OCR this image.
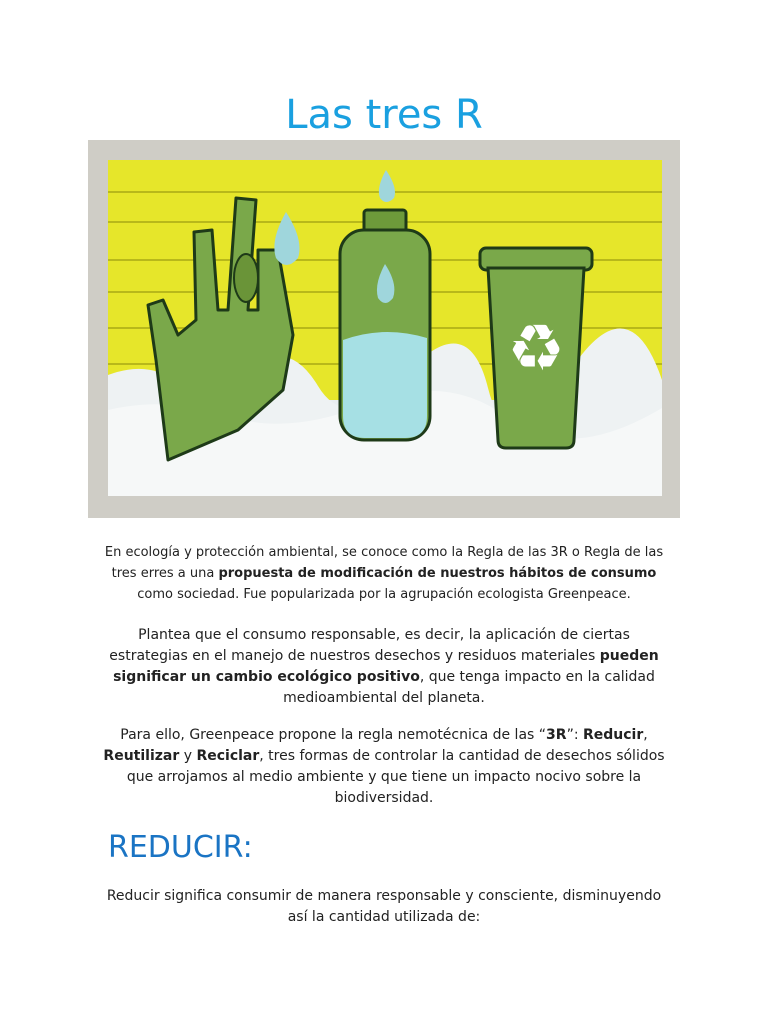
Las tres R
♻

En ecología y protección ambiental, se conoce como la Regla de las 3R o Regla de las tres erres a una propuesta de modificación de nuestros hábitos de consumo como sociedad. Fue popularizada por la agrupación ecologista Greenpeace.

Plantea que el consumo responsable, es decir, la aplicación de ciertas estrategias en el manejo de nuestros desechos y residuos materiales pueden significar un cambio ecológico positivo, que tenga impacto en la calidad medioambiental del planeta.

Para ello, Greenpeace propone la regla nemotécnica de las “3R”: Reducir, Reutilizar y Reciclar, tres formas de controlar la cantidad de desechos sólidos que arrojamos al medio ambiente y que tiene un impacto nocivo sobre la biodiversidad.

REDUCIR:

Reducir significa consumir de manera responsable y consciente, disminuyendo así la cantidad utilizada de:
